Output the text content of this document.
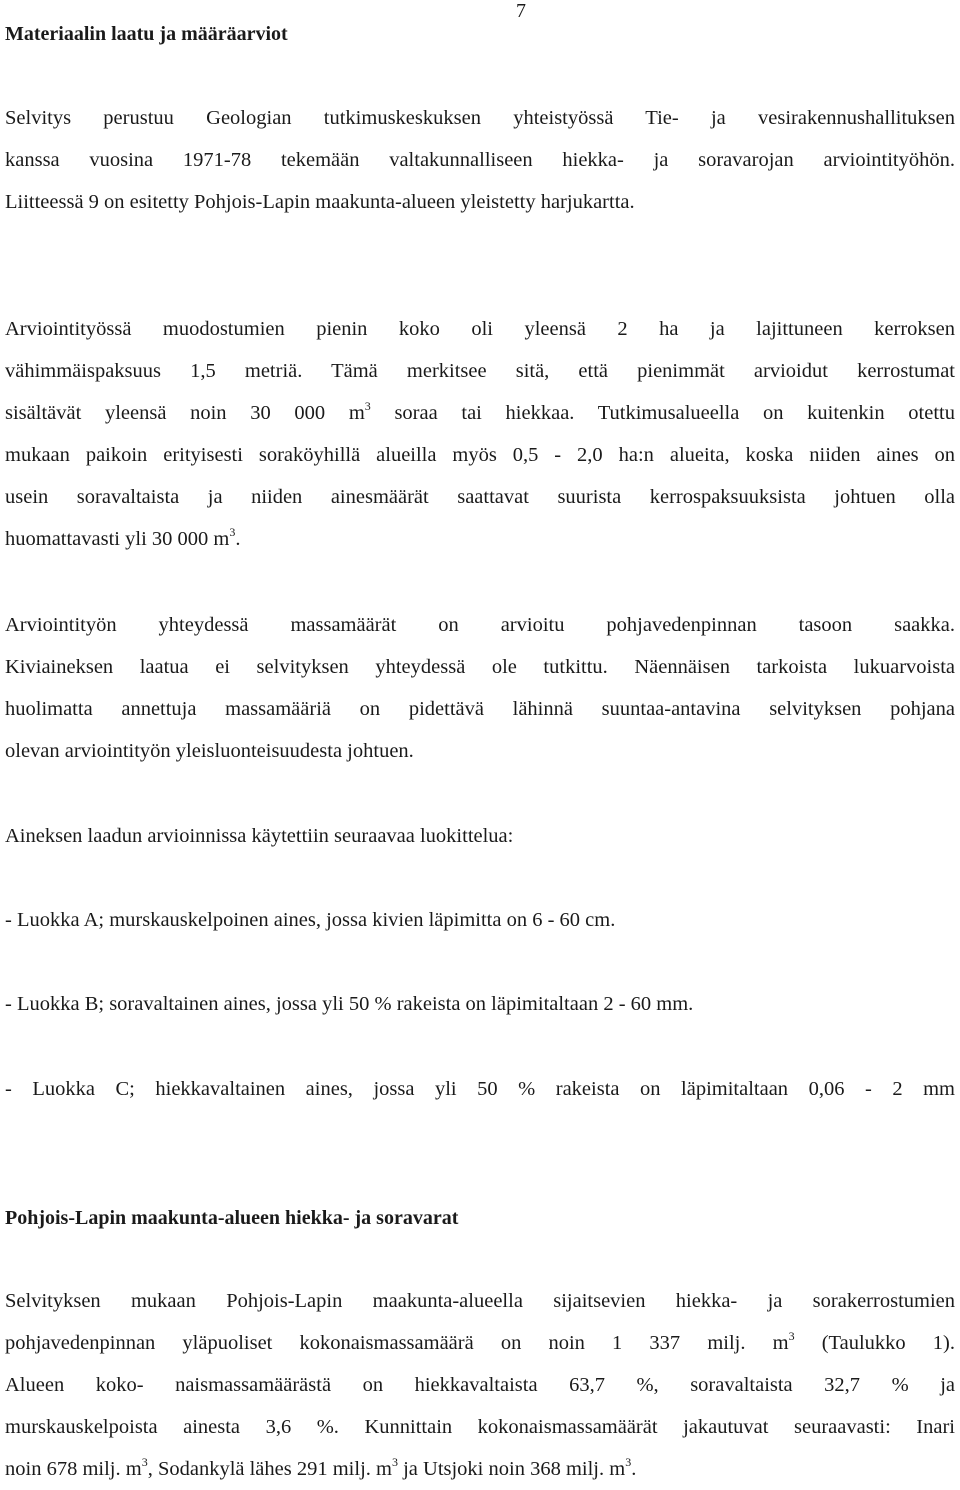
7
Materiaalin laatu ja määräarviot
Selvitys perustuu Geologian tutkimuskeskuksen yhteistyössä Tie- ja vesirakennushallituksen
kanssa vuosina 1971-78 tekemään valtakunnalliseen hiekka- ja soravarojan arviointityöhön.
Liitteessä 9 on esitetty Pohjois-Lapin maakunta-alueen yleistetty harjukartta.
Arviointityössä muodostumien pienin koko oli yleensä 2 ha ja lajittuneen kerroksen
vähimmäispaksuus 1,5 metriä. Tämä merkitsee sitä, että pienimmät arvioidut kerrostumat
sisältävät yleensä noin 30 000 $m^3$ soraa tai hiekkaa. Tutkimusalueella on kuitenkin otettu
mukaan paikoin erityisesti soraköyhillä alueilla myös 0,5 - 2,0 ha:n alueita, koska niiden aines on
usein soravaltaista ja niiden ainesmäärät saattavat suurista kerrospaksuuksista johtuen olla
huomattavasti yli 30 000 $m^3$.
Arviointityön yhteydessä massamäärät on arvioitu pohjavedenpinnan tasoon saakka.
Kiviaineksen laatua ei selvityksen yhteydessä ole tutkittu. Näennäisen tarkoista lukuarvoista
huolimatta annettuja massamääriä on pidettävä lähinnä suuntaa-antavina selvityksen pohjana
olevan arviointityön yleisluonteisuudesta johtuen.
Aineksen laadun arvioinnissa käytettiin seuraavaa luokittelua:
- Luokka A; murskauskelpoinen aines, jossa kivien läpimitta on 6 - 60 cm.
- Luokka B; soravaltainen aines, jossa yli 50 % rakeista on läpimitaltaan 2 - 60 mm.
- Luokka C; hiekkavaltainen aines, jossa yli 50 % rakeista on läpimitaltaan 0,06 - 2 mm
Pohjois-Lapin maakunta-alueen hiekka- ja soravarat
Selvityksen mukaan Pohjois-Lapin maakunta-alueella sijaitsevien hiekka- ja sorakerrostumien
pohjavedenpinnan yläpuoliset kokonaismassamäärä on noin 1 337 milj. $m^3$ (Taulukko 1).
Alueen koko- naismassamäärästä on hiekkavaltaista 63,7 %, soravaltaista 32,7 % ja
murskauskelpoista ainesta 3,6 %. Kunnittain kokonaismassamäärät jakautuvat seuraavasti: Inari
noin 678 milj. $m^3$, Sodankylä lähes 291 milj. $m^3$ ja Utsjoki noin 368 milj. $m^3$.
